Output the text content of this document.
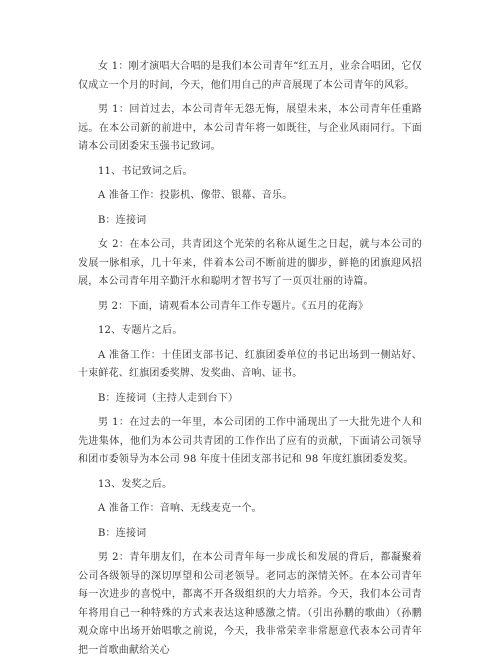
女 1：刚才演唱大合唱的是我们本公司青年“红五月，业余合唱团，它仅仅成立一个月的时间，今天，他们用自己的声音展现了本公司青年的风彩。

男 1：回首过去，本公司青年无怨无悔，展望未来，本公司青年任重路远。在本公司新的前进中，本公司青年将一如既往，与企业风雨同行。下面请本公司团委宋玉强书记致词。

11、书记致词之后。

A 准备工作：投影机、像带、银幕、音乐。

B：连接词

女 2：在本公司，共青团这个光荣的名称从诞生之日起，就与本公司的发展一脉相承，几十年来，伴着本公司不断前进的脚步，鲜艳的团旗迎风招展，本公司青年用辛勤汗水和聪明才智书写了一页页壮丽的诗篇。

男 2：下面，请观看本公司青年工作专题片。《五月的花海》

12、专题片之后。

A 准备工作：十佳团支部书记、红旗团委单位的书记出场到一侧站好、十束鲜花、红旗团委奖牌、发奖曲、音响、证书。

B：连接词（主持人走到台下）

男 1：在过去的一年里，本公司团的工作中涌现出了一大批先进个人和先进集体，他们为本公司共青团的工作作出了应有的贡献，下面请公司领导和团市委领导为本公司 98 年度十佳团支部书记和 98 年度红旗团委发奖。

13、发奖之后。

A 准备工作：音响、无线麦克一个。

B：连接词

男 2：青年朋友们，在本公司青年每一步成长和发展的背后，都凝聚着公司各级领导的深切厚望和公司老领导。老同志的深情关怀。在本公司青年每一次进步的喜悦中，都离不开各级组织的大力培养。今天，我们本公司青年将用自己一种特殊的方式来表达这种感激之情。（引出孙鹏的歌曲）（孙鹏观众席中出场开始唱歌之前说，今天，我非常荣幸非常愿意代表本公司青年把一首歌曲献给关心
